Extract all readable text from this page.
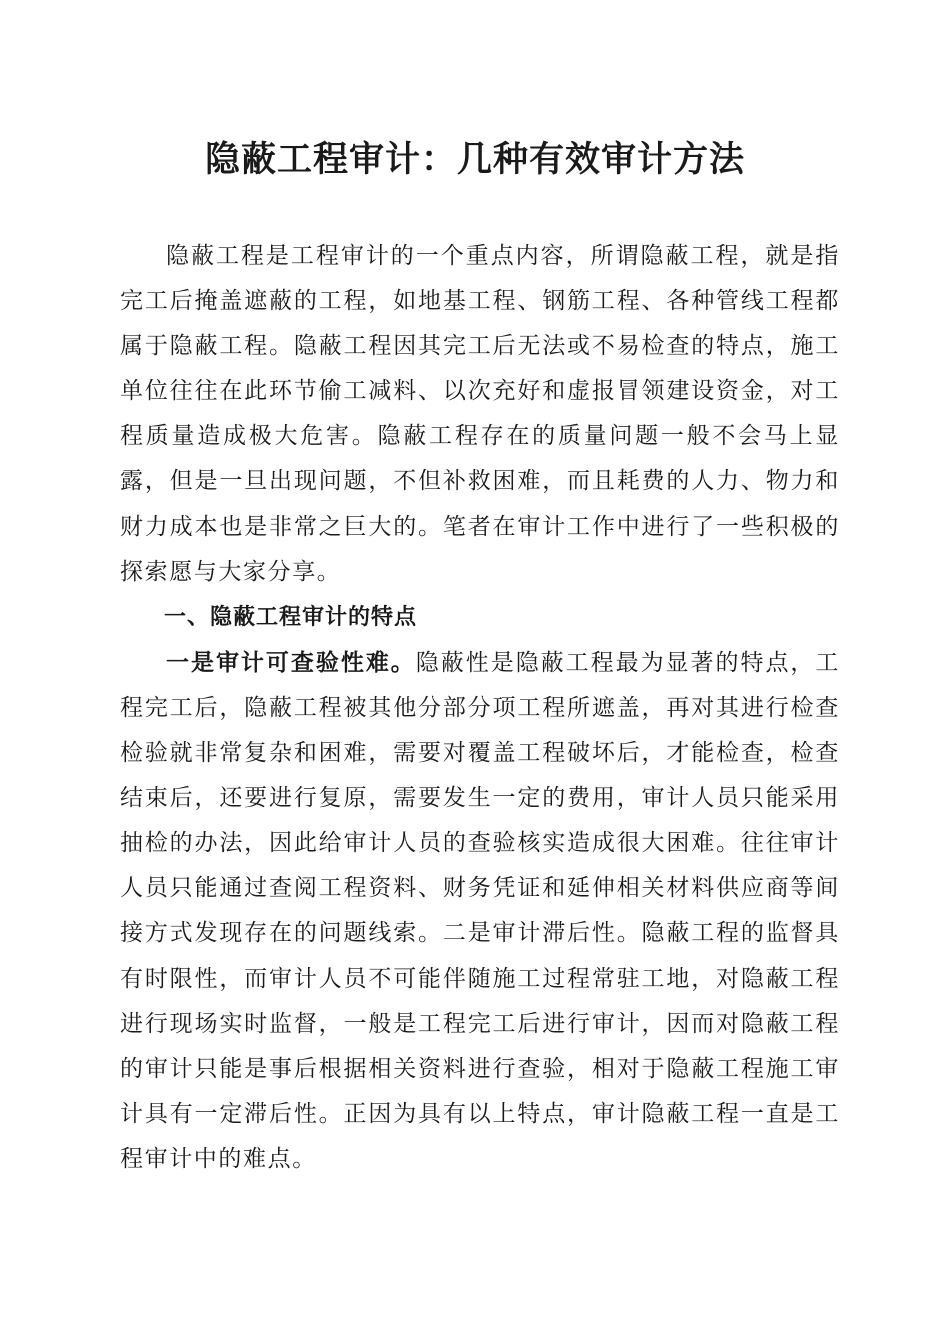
隐蔽工程审计：几种有效审计方法

隐蔽工程是工程审计的一个重点内容，所谓隐蔽工程，就是指完工后掩盖遮蔽的工程，如地基工程、钢筋工程、各种管线工程都属于隐蔽工程。隐蔽工程因其完工后无法或不易检查的特点，施工单位往往在此环节偷工减料、以次充好和虚报冒领建设资金，对工程质量造成极大危害。隐蔽工程存在的质量问题一般不会马上显露，但是一旦出现问题，不但补救困难，而且耗费的人力、物力和财力成本也是非常之巨大的。笔者在审计工作中进行了一些积极的探索愿与大家分享。

一、隐蔽工程审计的特点

一是审计可查验性难。隐蔽性是隐蔽工程最为显著的特点，工程完工后，隐蔽工程被其他分部分项工程所遮盖，再对其进行检查检验就非常复杂和困难，需要对覆盖工程破坏后，才能检查，检查结束后，还要进行复原，需要发生一定的费用，审计人员只能采用抽检的办法，因此给审计人员的查验核实造成很大困难。往往审计人员只能通过查阅工程资料、财务凭证和延伸相关材料供应商等间接方式发现存在的问题线索。二是审计滞后性。隐蔽工程的监督具有时限性，而审计人员不可能伴随施工过程常驻工地，对隐蔽工程进行现场实时监督，一般是工程完工后进行审计，因而对隐蔽工程的审计只能是事后根据相关资料进行查验，相对于隐蔽工程施工审计具有一定滞后性。正因为具有以上特点，审计隐蔽工程一直是工程审计中的难点。
